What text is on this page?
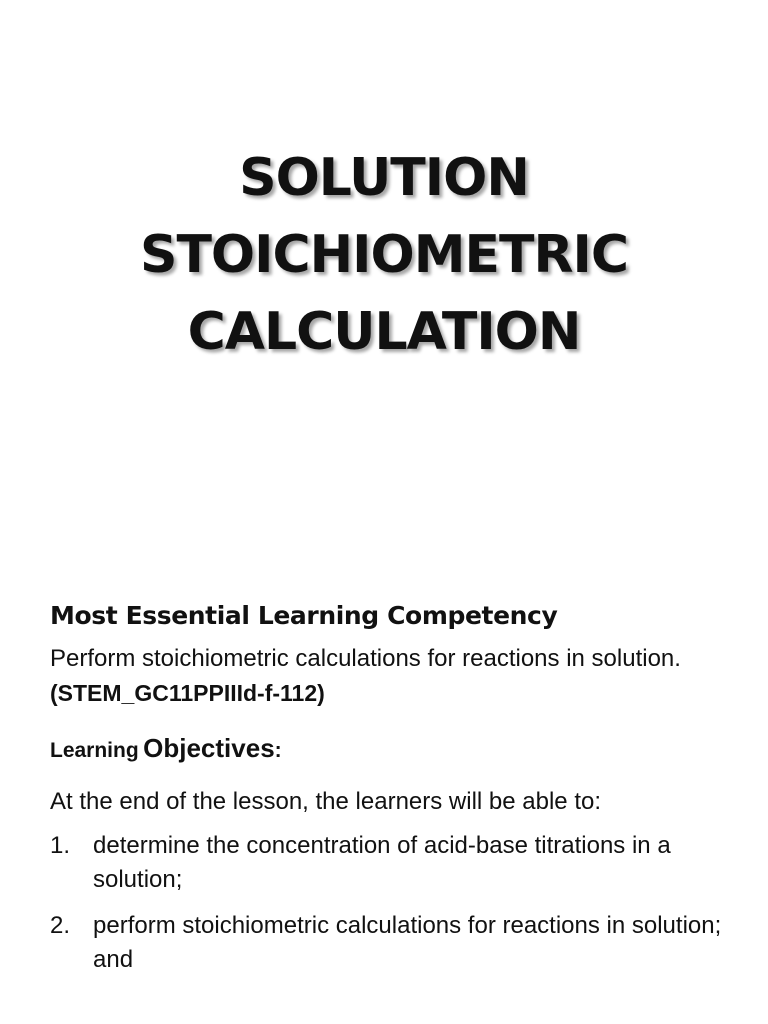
SOLUTION
STOICHIOMETRIC
CALCULATION
Most Essential Learning Competency

Perform stoichiometric calculations for reactions in solution.

(STEM_GC11PPIIId-f-112)

Learning Objectives:

At the end of the lesson, the learners will be able to:

1. determine the concentration of acid-base titrations in a solution;
2. perform stoichiometric calculations for reactions in solution; and
